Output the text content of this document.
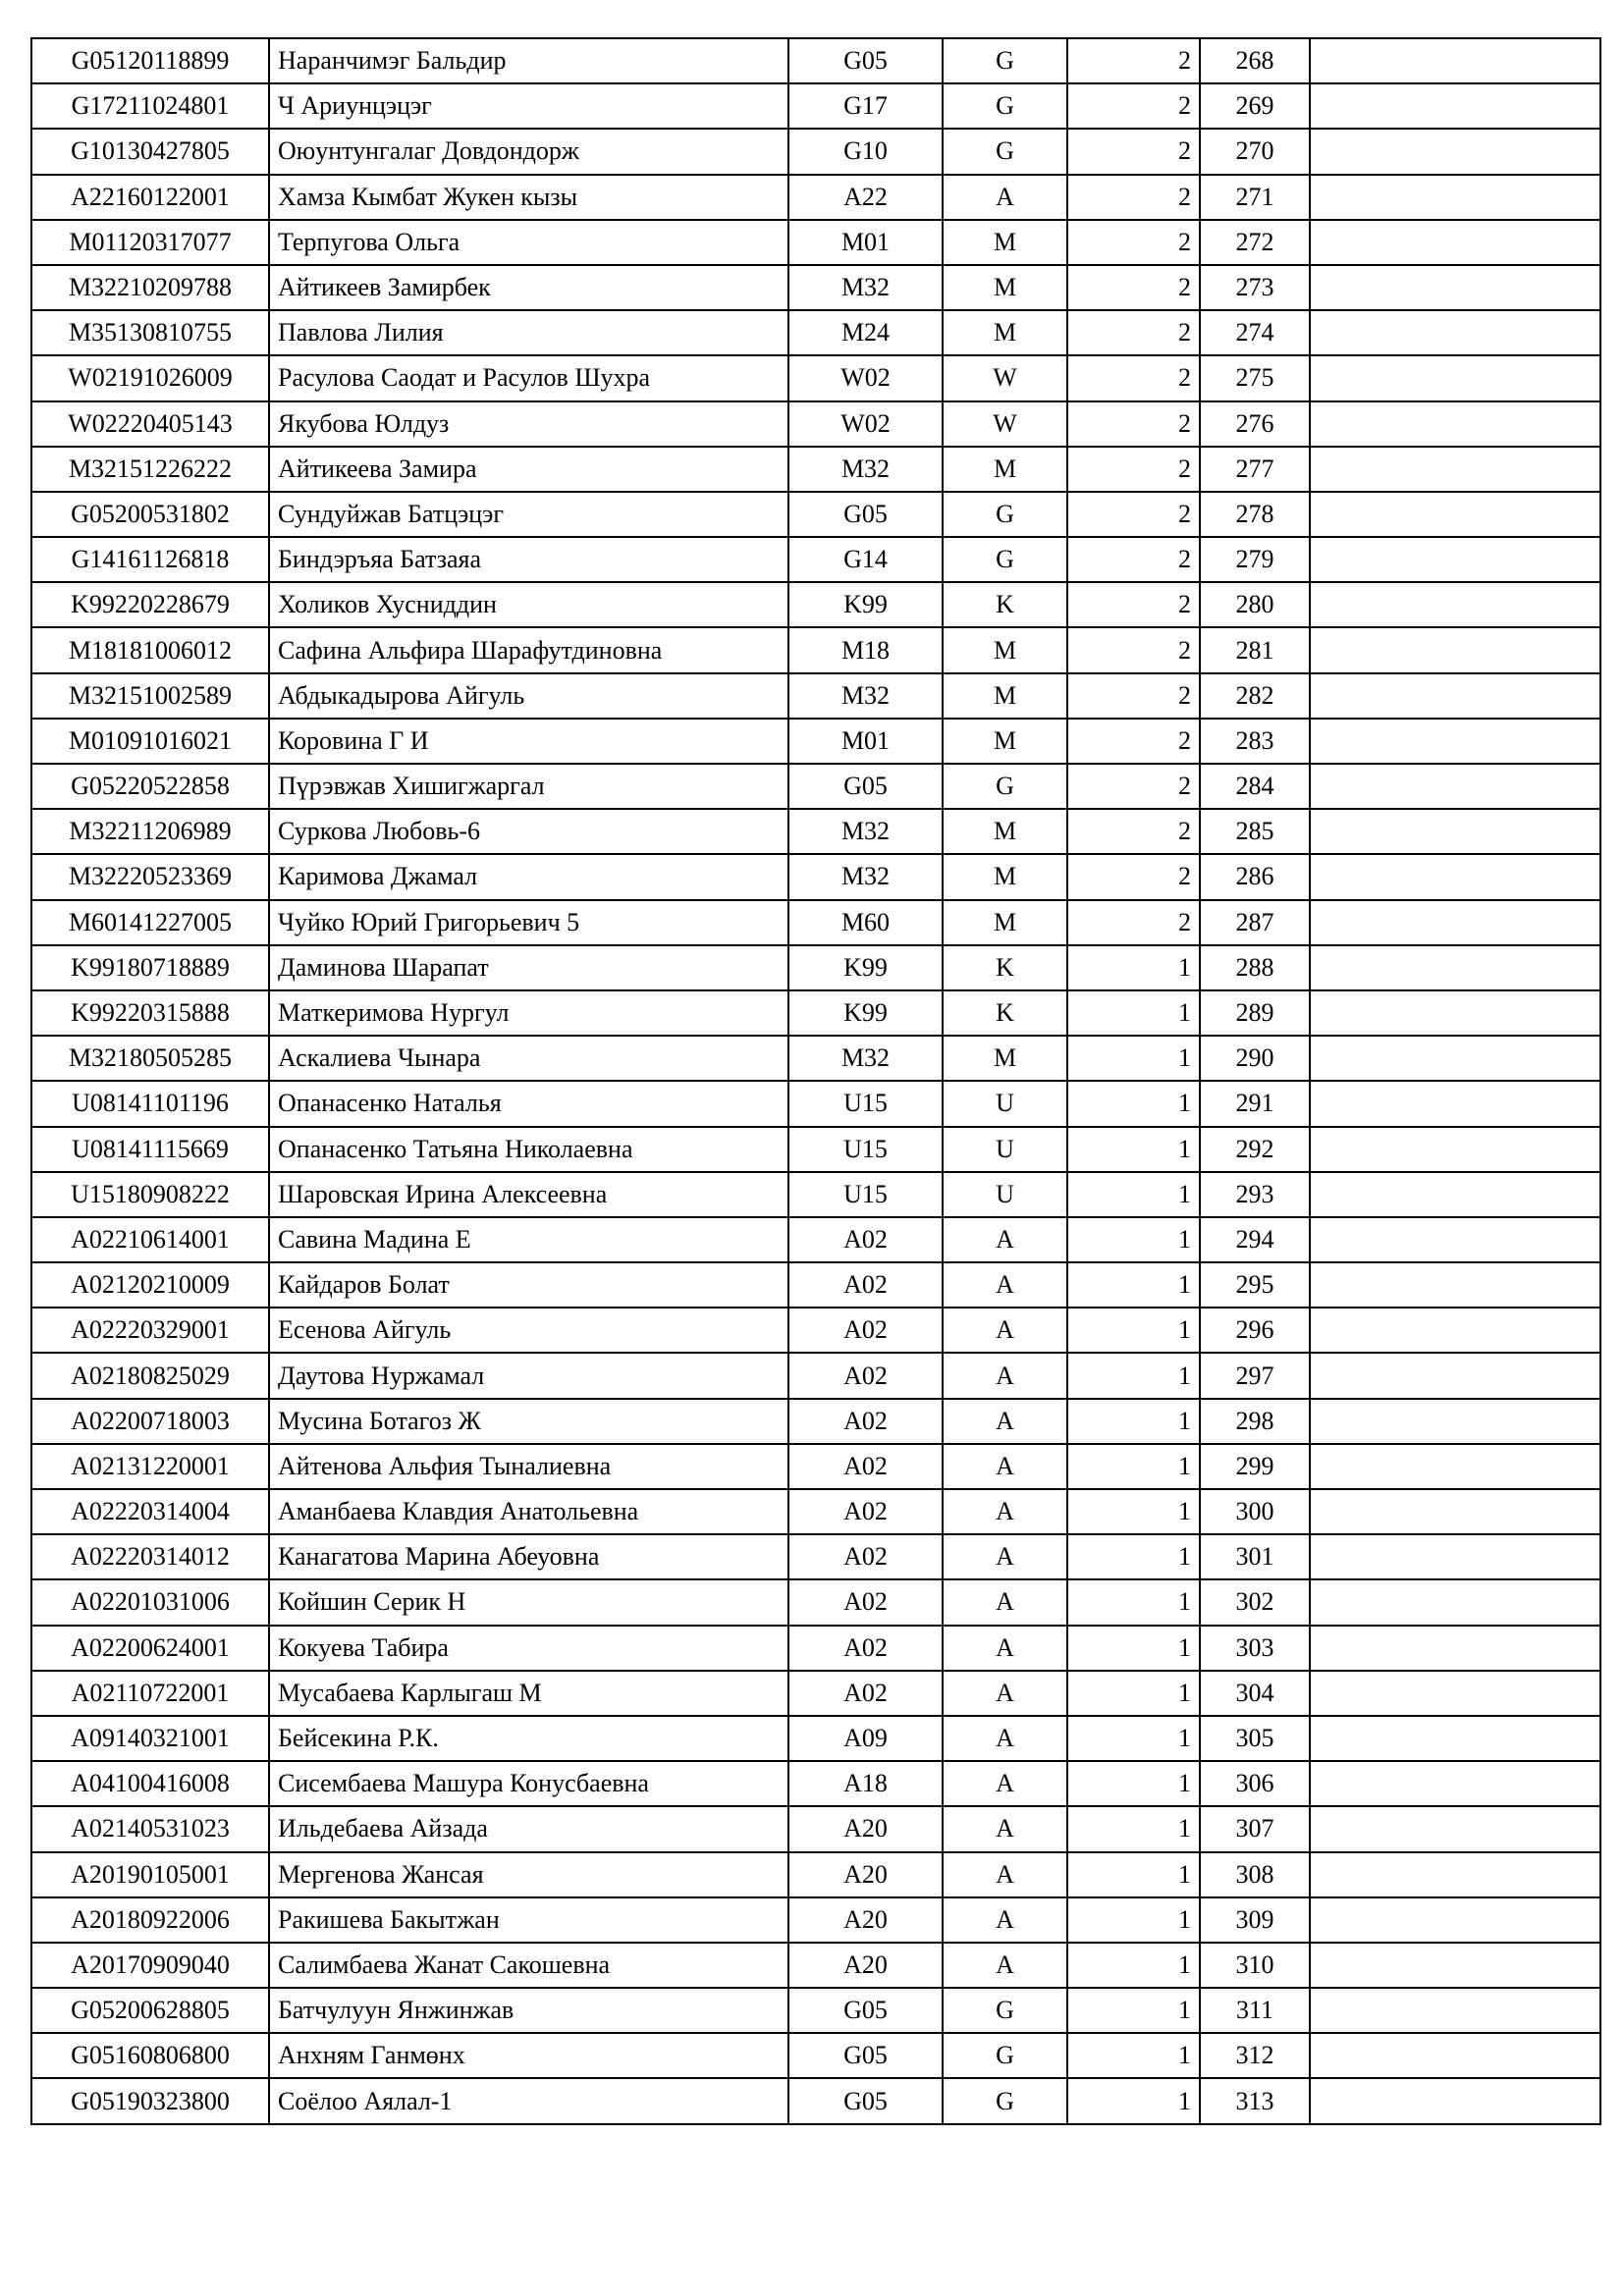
G05120118899	Наранчимэг Бальдир	G05	G	2	268	
G17211024801	Ч Ариунцэцэг	G17	G	2	269	
G10130427805	Оюунтунгалаг Довдондорж	G10	G	2	270	
A22160122001	Хамза Кымбат Жукен кызы	A22	A	2	271	
M01120317077	Терпугова Ольга	M01	M	2	272	
M32210209788	Айтикеев Замирбек	M32	M	2	273	
M35130810755	Павлова Лилия	M24	M	2	274	
W02191026009	Расулова Саодат и Расулов Шухра	W02	W	2	275	
W02220405143	Якубова Юлдуз	W02	W	2	276	
M32151226222	Айтикеева Замира	M32	M	2	277	
G05200531802	Сундуйжав Батцэцэг	G05	G	2	278	
G14161126818	Биндэръяа Батзаяа	G14	G	2	279	
K99220228679	Холиков Хусниддин	K99	K	2	280	
M18181006012	Сафина Альфира Шарафутдиновна	M18	M	2	281	
M32151002589	Абдыкадырова Айгуль	M32	M	2	282	
M01091016021	Коровина Г И	M01	M	2	283	
G05220522858	Пүрэвжав Хишигжаргал	G05	G	2	284	
M32211206989	Суркова Любовь-6	M32	M	2	285	
M32220523369	Каримова Джамал	M32	M	2	286	
M60141227005	Чуйко Юрий Григорьевич 5	M60	M	2	287	
K99180718889	Даминова Шарапат	K99	K	1	288	
K99220315888	Маткеримова Нургул	K99	K	1	289	
M32180505285	Аскалиева Чынара	M32	M	1	290	
U08141101196	Опанасенко Наталья	U15	U	1	291	
U08141115669	Опанасенко Татьяна Николаевна	U15	U	1	292	
U15180908222	Шаровская Ирина Алексеевна	U15	U	1	293	
A02210614001	Савина Мадина Е	A02	A	1	294	
A02120210009	Кайдаров Болат	A02	A	1	295	
A02220329001	Есенова Айгуль	A02	A	1	296	
A02180825029	Даутова Нуржамал	A02	A	1	297	
A02200718003	Мусина Ботагоз Ж	A02	A	1	298	
A02131220001	Айтенова Альфия Тыналиевна	A02	A	1	299	
A02220314004	Аманбаева Клавдия Анатольевна	A02	A	1	300	
A02220314012	Канагатова Марина Абеуовна	A02	A	1	301	
A02201031006	Койшин Серик Н	A02	A	1	302	
A02200624001	Кокуева Табира	A02	A	1	303	
A02110722001	Мусабаева Карлыгаш М	A02	A	1	304	
A09140321001	Бейсекина Р.К.	A09	A	1	305	
A04100416008	Сисембаева Машура Конусбаевна	A18	A	1	306	
A02140531023	Ильдебаева Айзада	A20	A	1	307	
A20190105001	Мергенова Жансая	A20	A	1	308	
A20180922006	Ракишева Бакытжан	A20	A	1	309	
A20170909040	Салимбаева Жанат Сакошевна	A20	A	1	310	
G05200628805	Батчулуун Янжинжав	G05	G	1	311	
G05160806800	Анхням Ганмөнх	G05	G	1	312	
G05190323800	Соёлоо Аялал-1	G05	G	1	313	
